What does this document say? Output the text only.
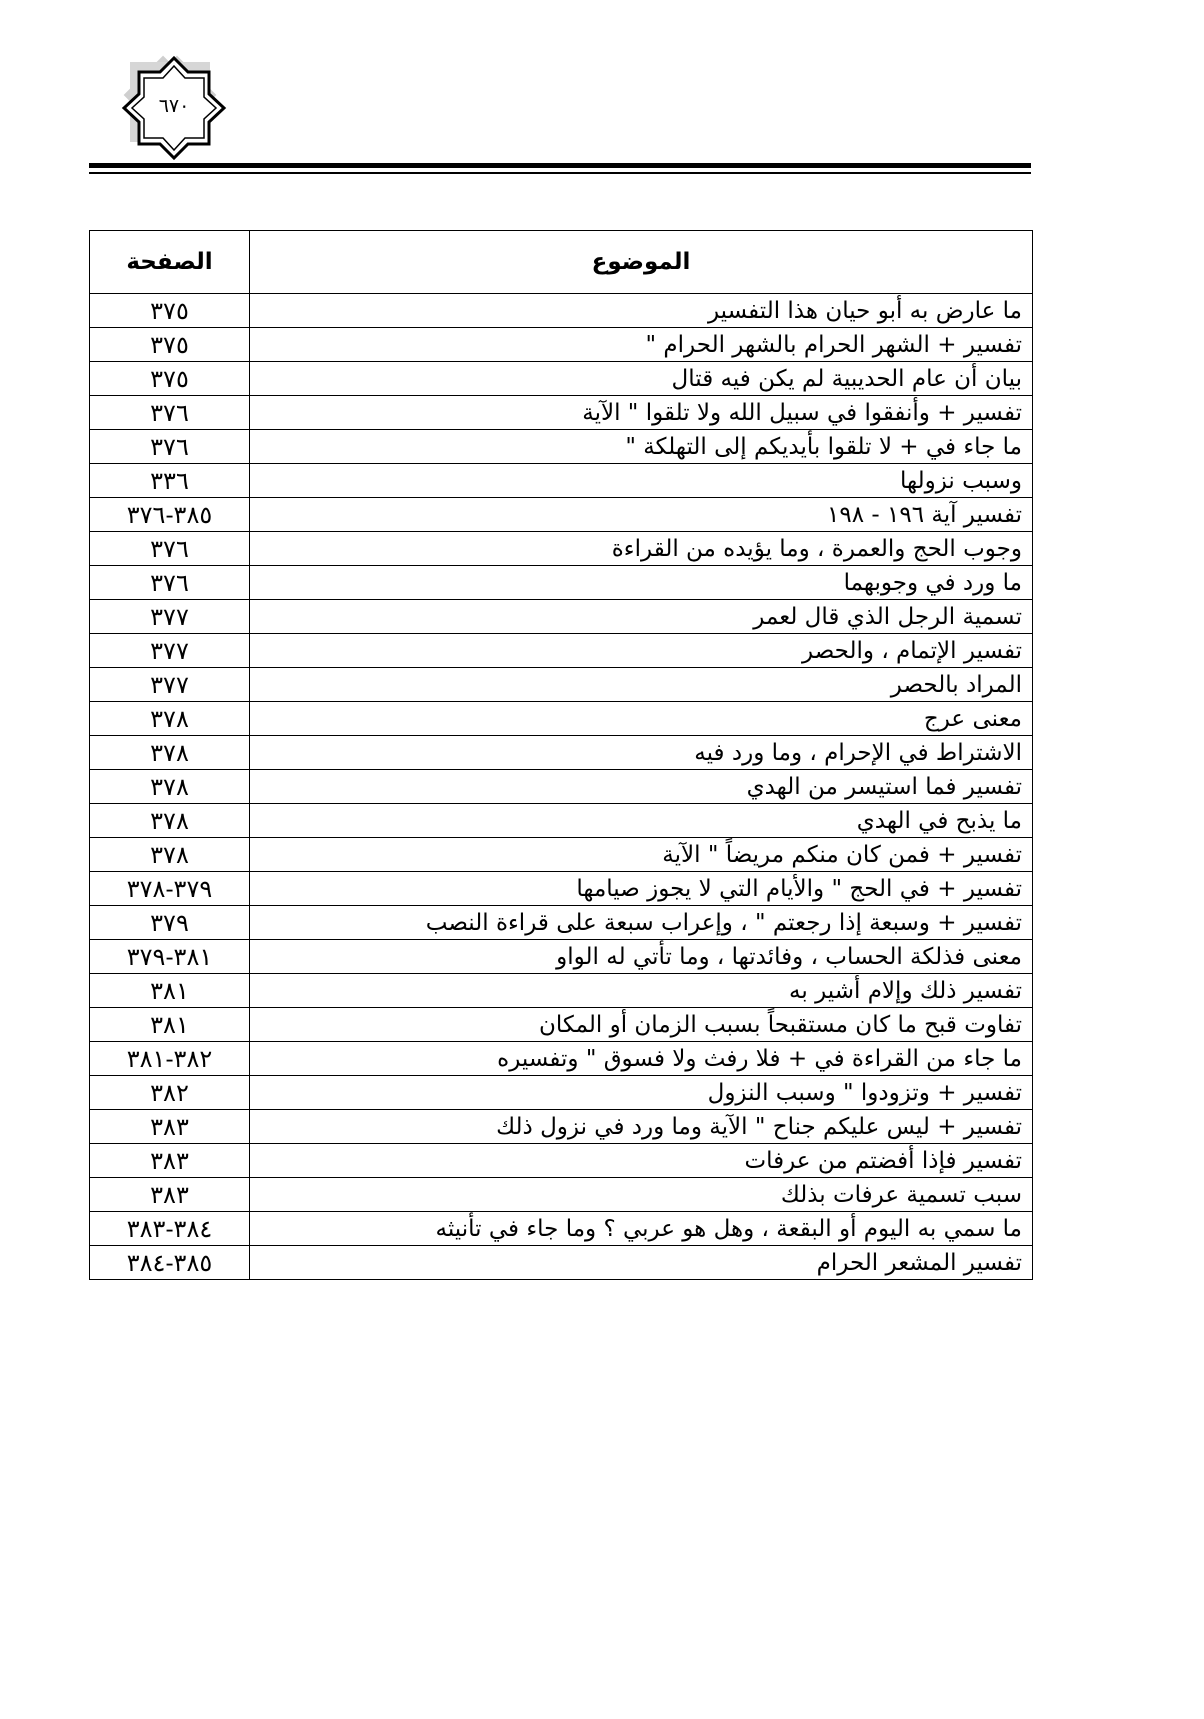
٦٧٠
الموضوع	الصفحة
ما عارض به أبو حيان هذا التفسير	٣٧٥
تفسير + الشهر الحرام بالشهر الحرام "	٣٧٥
بيان أن عام الحديبية لم يكن فيه قتال	٣٧٥
تفسير + وأنفقوا في سبيل الله ولا تلقوا " الآية	٣٧٦
ما جاء في + لا تلقوا بأيديكم إلى التهلكة "	٣٧٦
وسبب نزولها	٣٣٦
تفسير آية ١٩٦ - ١٩٨	٣٨٥-٣٧٦
وجوب الحج والعمرة ، وما يؤيده من القراءة	٣٧٦
ما ورد في وجوبهما	٣٧٦
تسمية الرجل الذي قال لعمر	٣٧٧
تفسير الإتمام ، والحصر	٣٧٧
المراد بالحصر	٣٧٧
معنى عرج	٣٧٨
الاشتراط في الإحرام ، وما ورد فيه	٣٧٨
تفسير فما استيسر من الهدي	٣٧٨
ما يذبح في الهدي	٣٧٨
تفسير + فمن كان منكم مريضاً " الآية	٣٧٨
تفسير + في الحج " والأيام التي لا يجوز صيامها	٣٧٩-٣٧٨
تفسير + وسبعة إذا رجعتم " ، وإعراب سبعة على قراءة النصب	٣٧٩
معنى فذلكة الحساب ، وفائدتها ، وما تأتي له الواو	٣٨١-٣٧٩
تفسير ذلك وإلام أشير به	٣٨١
تفاوت قبح ما كان مستقبحاً بسبب الزمان أو المكان	٣٨١
ما جاء من القراءة في + فلا رفث ولا فسوق " وتفسيره	٣٨٢-٣٨١
تفسير + وتزودوا " وسبب النزول	٣٨٢
تفسير + ليس عليكم جناح " الآية وما ورد في نزول ذلك	٣٨٣
تفسير فإذا أفضتم من عرفات	٣٨٣
سبب تسمية عرفات بذلك	٣٨٣
ما سمي به اليوم أو البقعة ، وهل هو عربي ؟ وما جاء في تأنيثه	٣٨٤-٣٨٣
تفسير المشعر الحرام	٣٨٥-٣٨٤
